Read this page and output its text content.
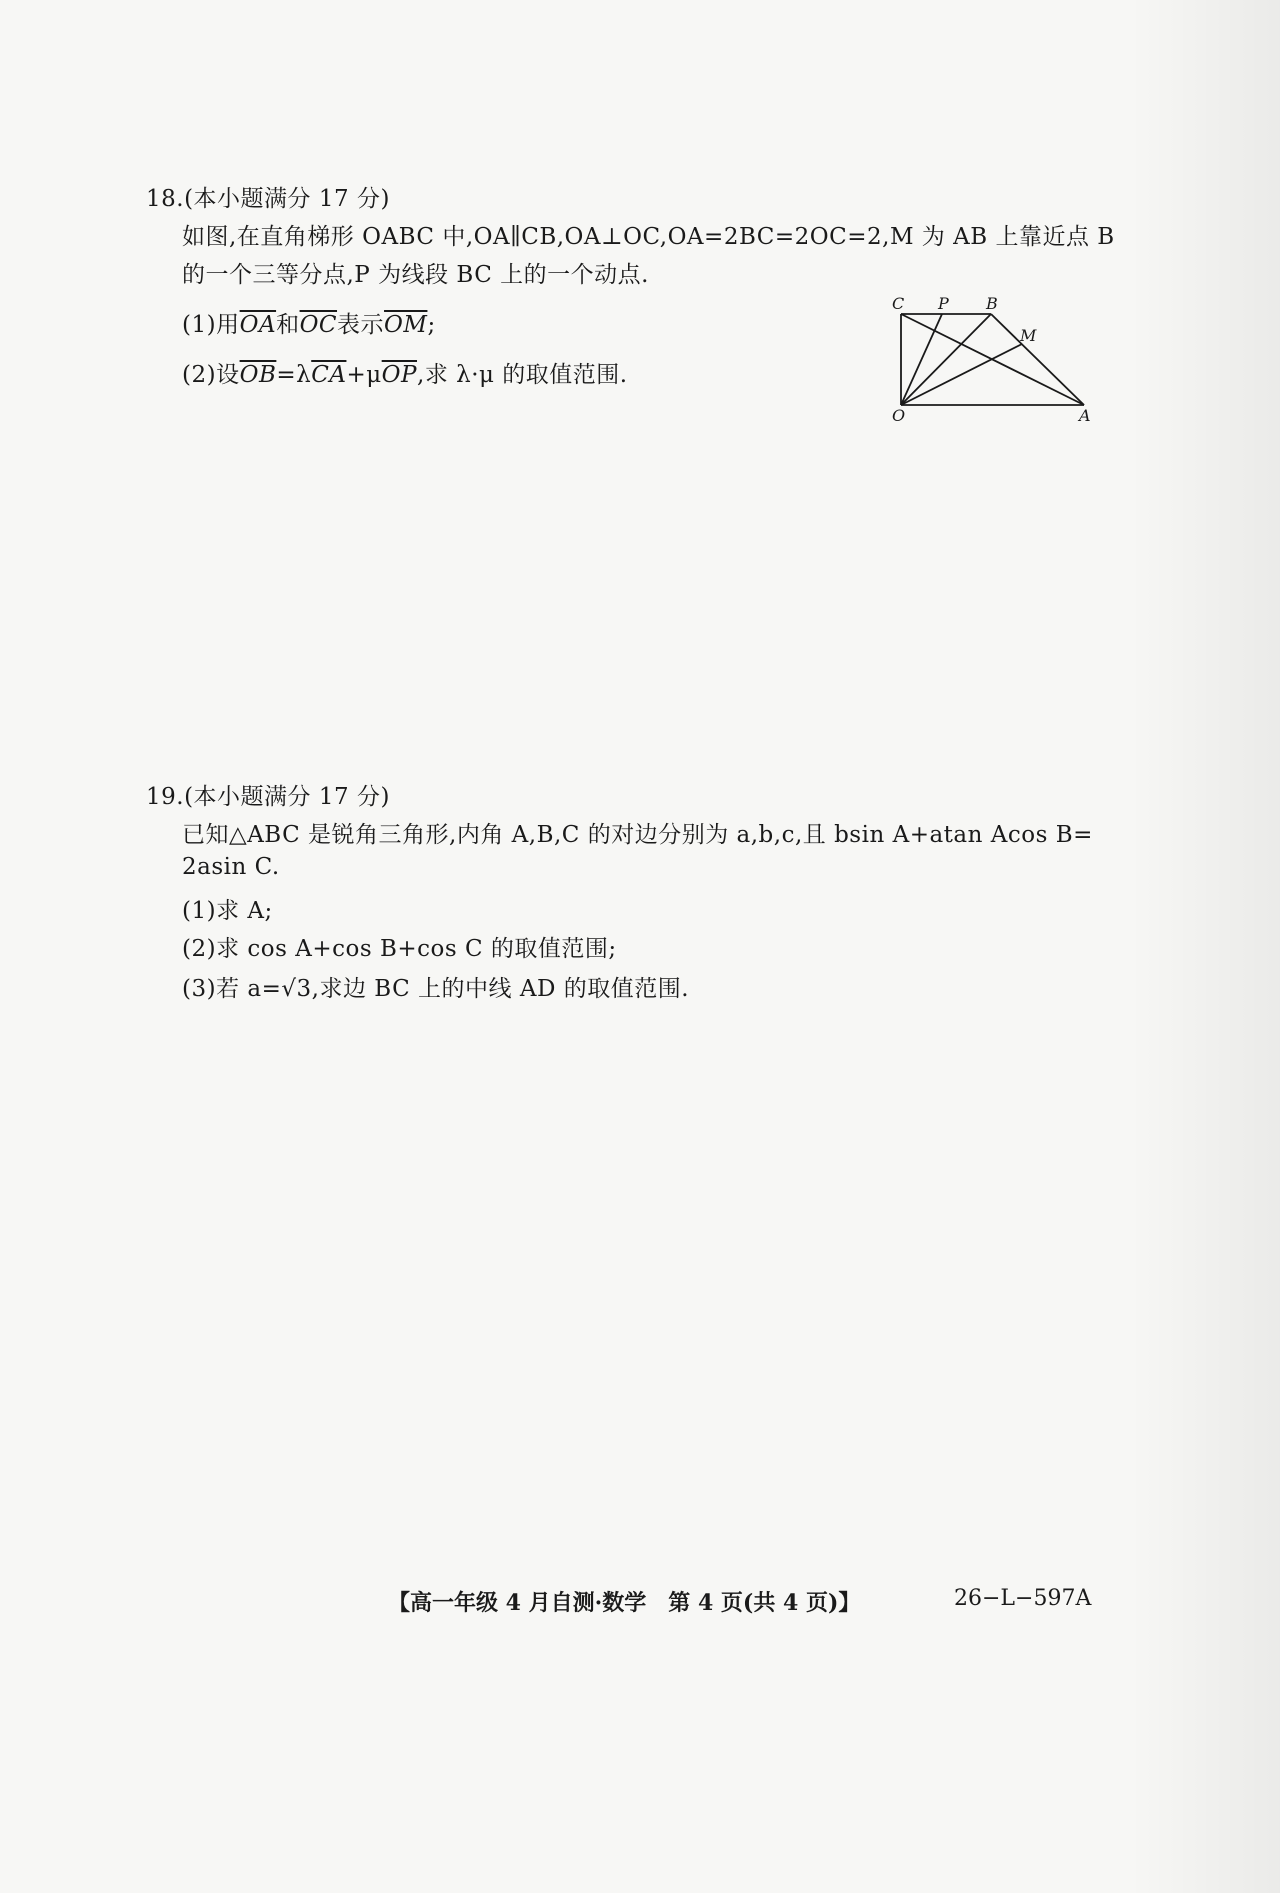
18.(本小题满分 17 分)
如图,在直角梯形 OABC 中,OA∥CB,OA⊥OC,OA=2BC=2OC=2,M 为 AB 上靠近点 B
的一个三等分点,P 为线段 BC 上的一个动点.
(1)用$\overline{OA}$和$\overline{OC}$表示$\overline{OM}$;
(2)设$\overline{OB}=\lambda\overline{CA}+\mu\overline{OP}$,求 λ·μ 的取值范围.
C P B
M
O	A
19.(本小题满分 17 分)
已知△ABC 是锐角三角形,内角 A,B,C 的对边分别为 a,b,c,且 bsin A+atan Acos B=
2asin C.
(1)求 A;
(2)求 cos A+cos B+cos C 的取值范围;
(3)若 a=√3,求边 BC 上的中线 AD 的取值范围.
【高一年级 4 月自测·数学　第 4 页(共 4 页)】	26−L−597A
